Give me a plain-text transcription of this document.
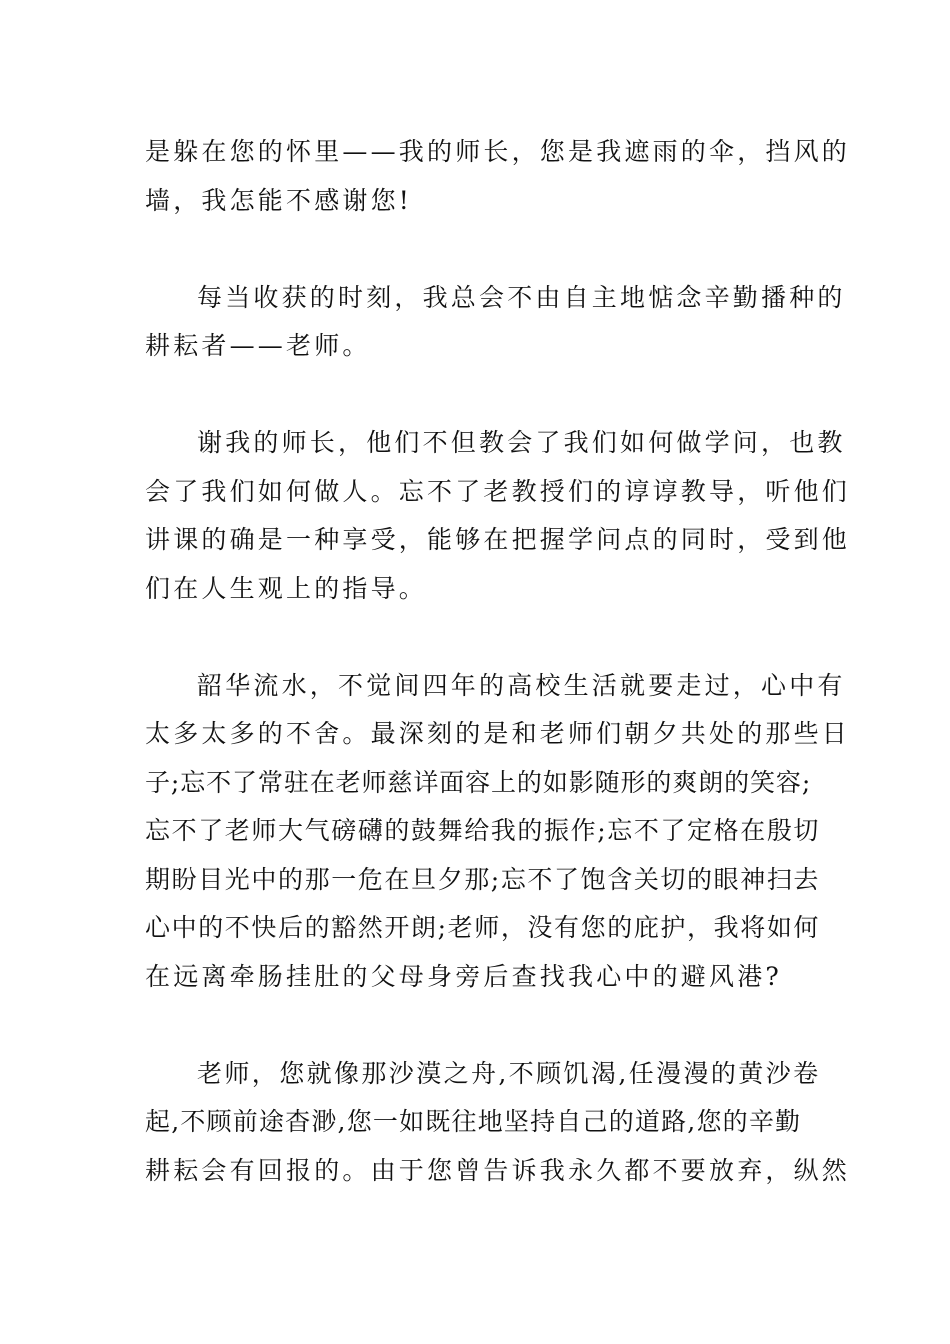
是躲在您的怀里——我的师长，您是我遮雨的伞，挡风的
墙，我怎能不感谢您!

每当收获的时刻，我总会不由自主地惦念辛勤播种的
耕耘者——老师。

谢我的师长，他们不但教会了我们如何做学问，也教
会了我们如何做人。忘不了老教授们的谆谆教导，听他们
讲课的确是一种享受，能够在把握学问点的同时，受到他
们在人生观上的指导。

韶华流水，不觉间四年的高校生活就要走过，心中有
太多太多的不舍。最深刻的是和老师们朝夕共处的那些日
子;忘不了常驻在老师慈详面容上的如影随形的爽朗的笑容;
忘不了老师大气磅礴的鼓舞给我的振作;忘不了定格在殷切
期盼目光中的那一危在旦夕那;忘不了饱含关切的眼神扫去
心中的不快后的豁然开朗;老师，没有您的庇护，我将如何
在远离牵肠挂肚的父母身旁后查找我心中的避风港?

老师，您就像那沙漠之舟,不顾饥渴,任漫漫的黄沙卷
起,不顾前途杳渺,您一如既往地坚持自己的道路,您的辛勤
耕耘会有回报的。由于您曾告诉我永久都不要放弃，纵然
